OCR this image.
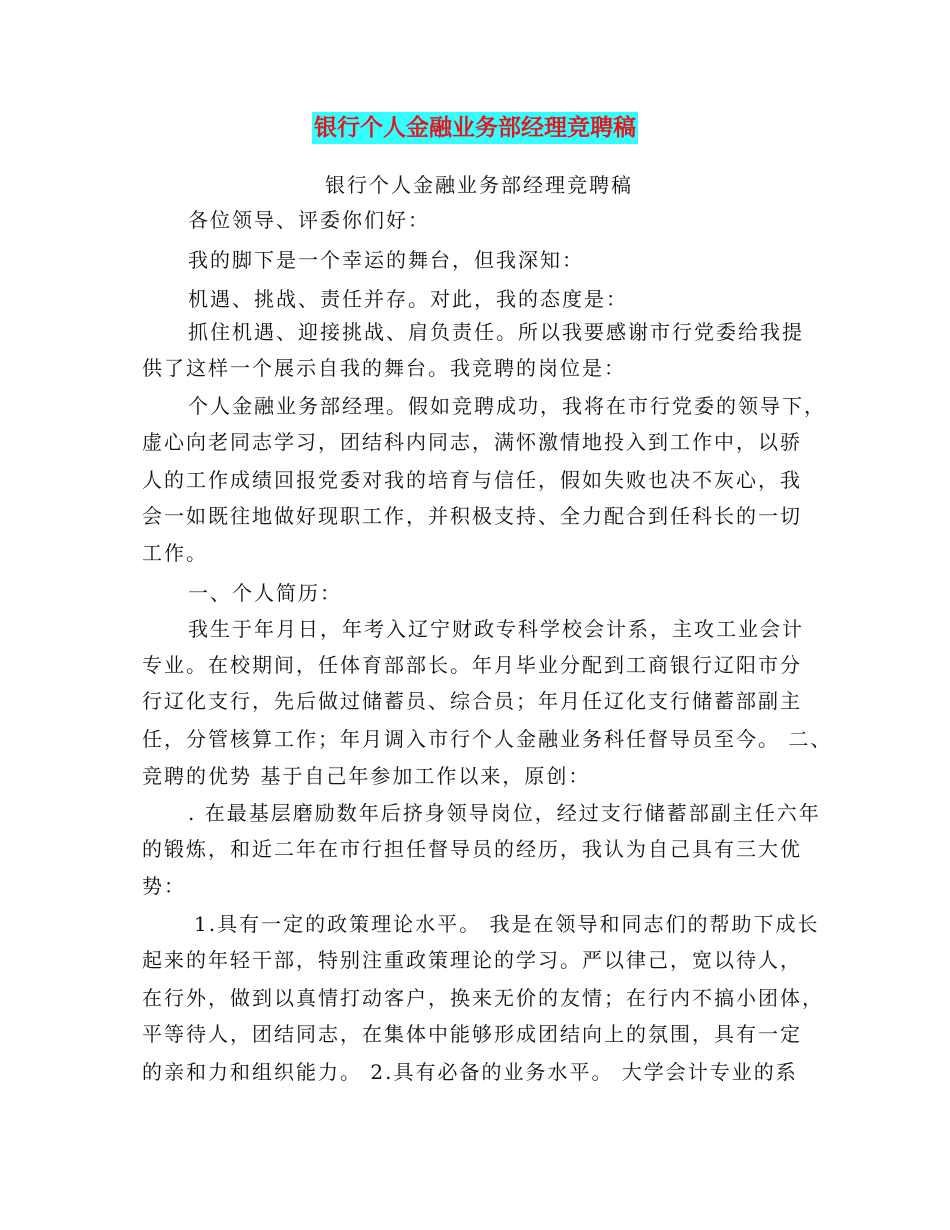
银行个人金融业务部经理竞聘稿
银行个人金融业务部经理竞聘稿
各位领导、评委你们好：
我的脚下是一个幸运的舞台，但我深知：
机遇、挑战、责任并存。对此，我的态度是：
抓住机遇、迎接挑战、肩负责任。所以我要感谢市行党委给我提
供了这样一个展示自我的舞台。我竞聘的岗位是：
个人金融业务部经理。假如竞聘成功，我将在市行党委的领导下，
虚心向老同志学习，团结科内同志，满怀激情地投入到工作中，以骄
人的工作成绩回报党委对我的培育与信任，假如失败也决不灰心，我
会一如既往地做好现职工作，并积极支持、全力配合到任科长的一切
工作。
一、个人简历：
我生于年月日，年考入辽宁财政专科学校会计系，主攻工业会计
专业。在校期间，任体育部部长。年月毕业分配到工商银行辽阳市分
行辽化支行，先后做过储蓄员、综合员；年月任辽化支行储蓄部副主
任，分管核算工作；年月调入市行个人金融业务科任督导员至今。 二、
竞聘的优势 基于自己年参加工作以来，原创：
. 在最基层磨励数年后挤身领导岗位，经过支行储蓄部副主任六年
的锻炼，和近二年在市行担任督导员的经历，我认为自己具有三大优
势：
1.具有一定的政策理论水平。 我是在领导和同志们的帮助下成长
起来的年轻干部，特别注重政策理论的学习。严以律己，宽以待人，
在行外，做到以真情打动客户，换来无价的友情；在行内不搞小团体，
平等待人，团结同志，在集体中能够形成团结向上的氛围，具有一定
的亲和力和组织能力。 2.具有必备的业务水平。 大学会计专业的系
